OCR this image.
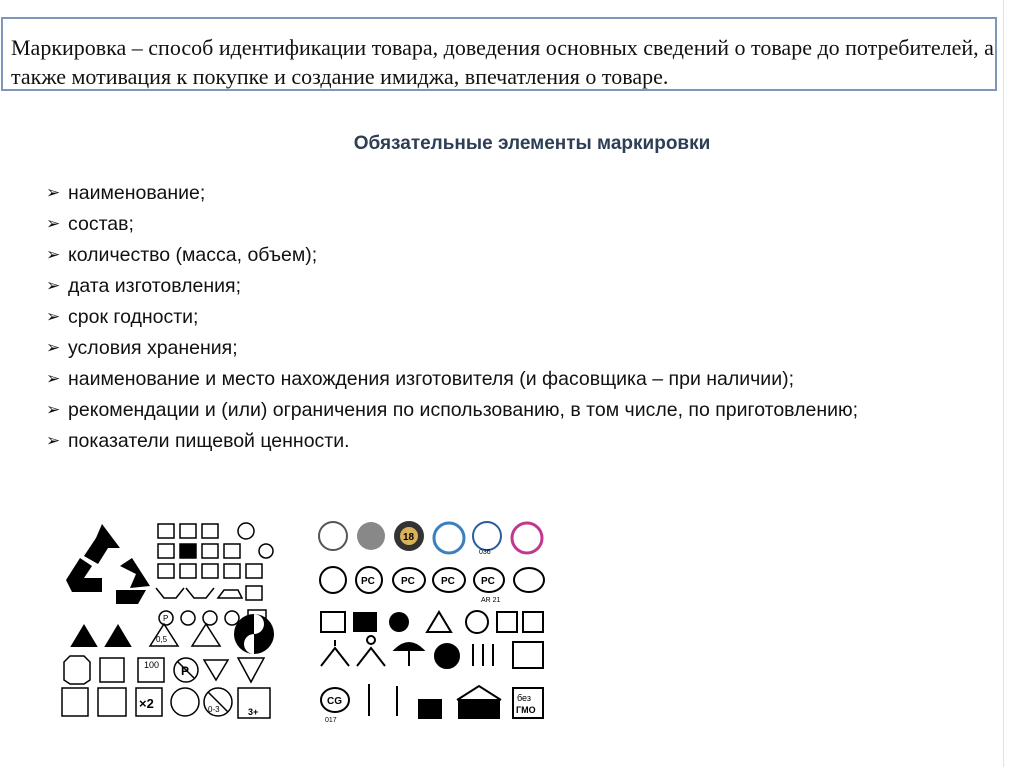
Маркировка – способ идентификации товара, доведения основных сведений о товаре до потребителей, а также мотивация к покупке и создание имиджа, впечатления о товаре.

Обязательные элементы маркировки
➢ наименование;
➢ состав;
➢ количество (масса, объем);
➢ дата изготовления;
➢ срок годности;
➢ условия хранения;
➢ наименование и место нахождения изготовителя (и фасовщика – при наличии);
➢ рекомендации и (или) ограничения по использованию, в том числе, по приготовлению;
➢ показатели пищевой ценности.
P
0,5
100 P
×2	0-3	3+
18
036
PC	PC	PC	PC
AR 21
CG
017
без
ГМО
